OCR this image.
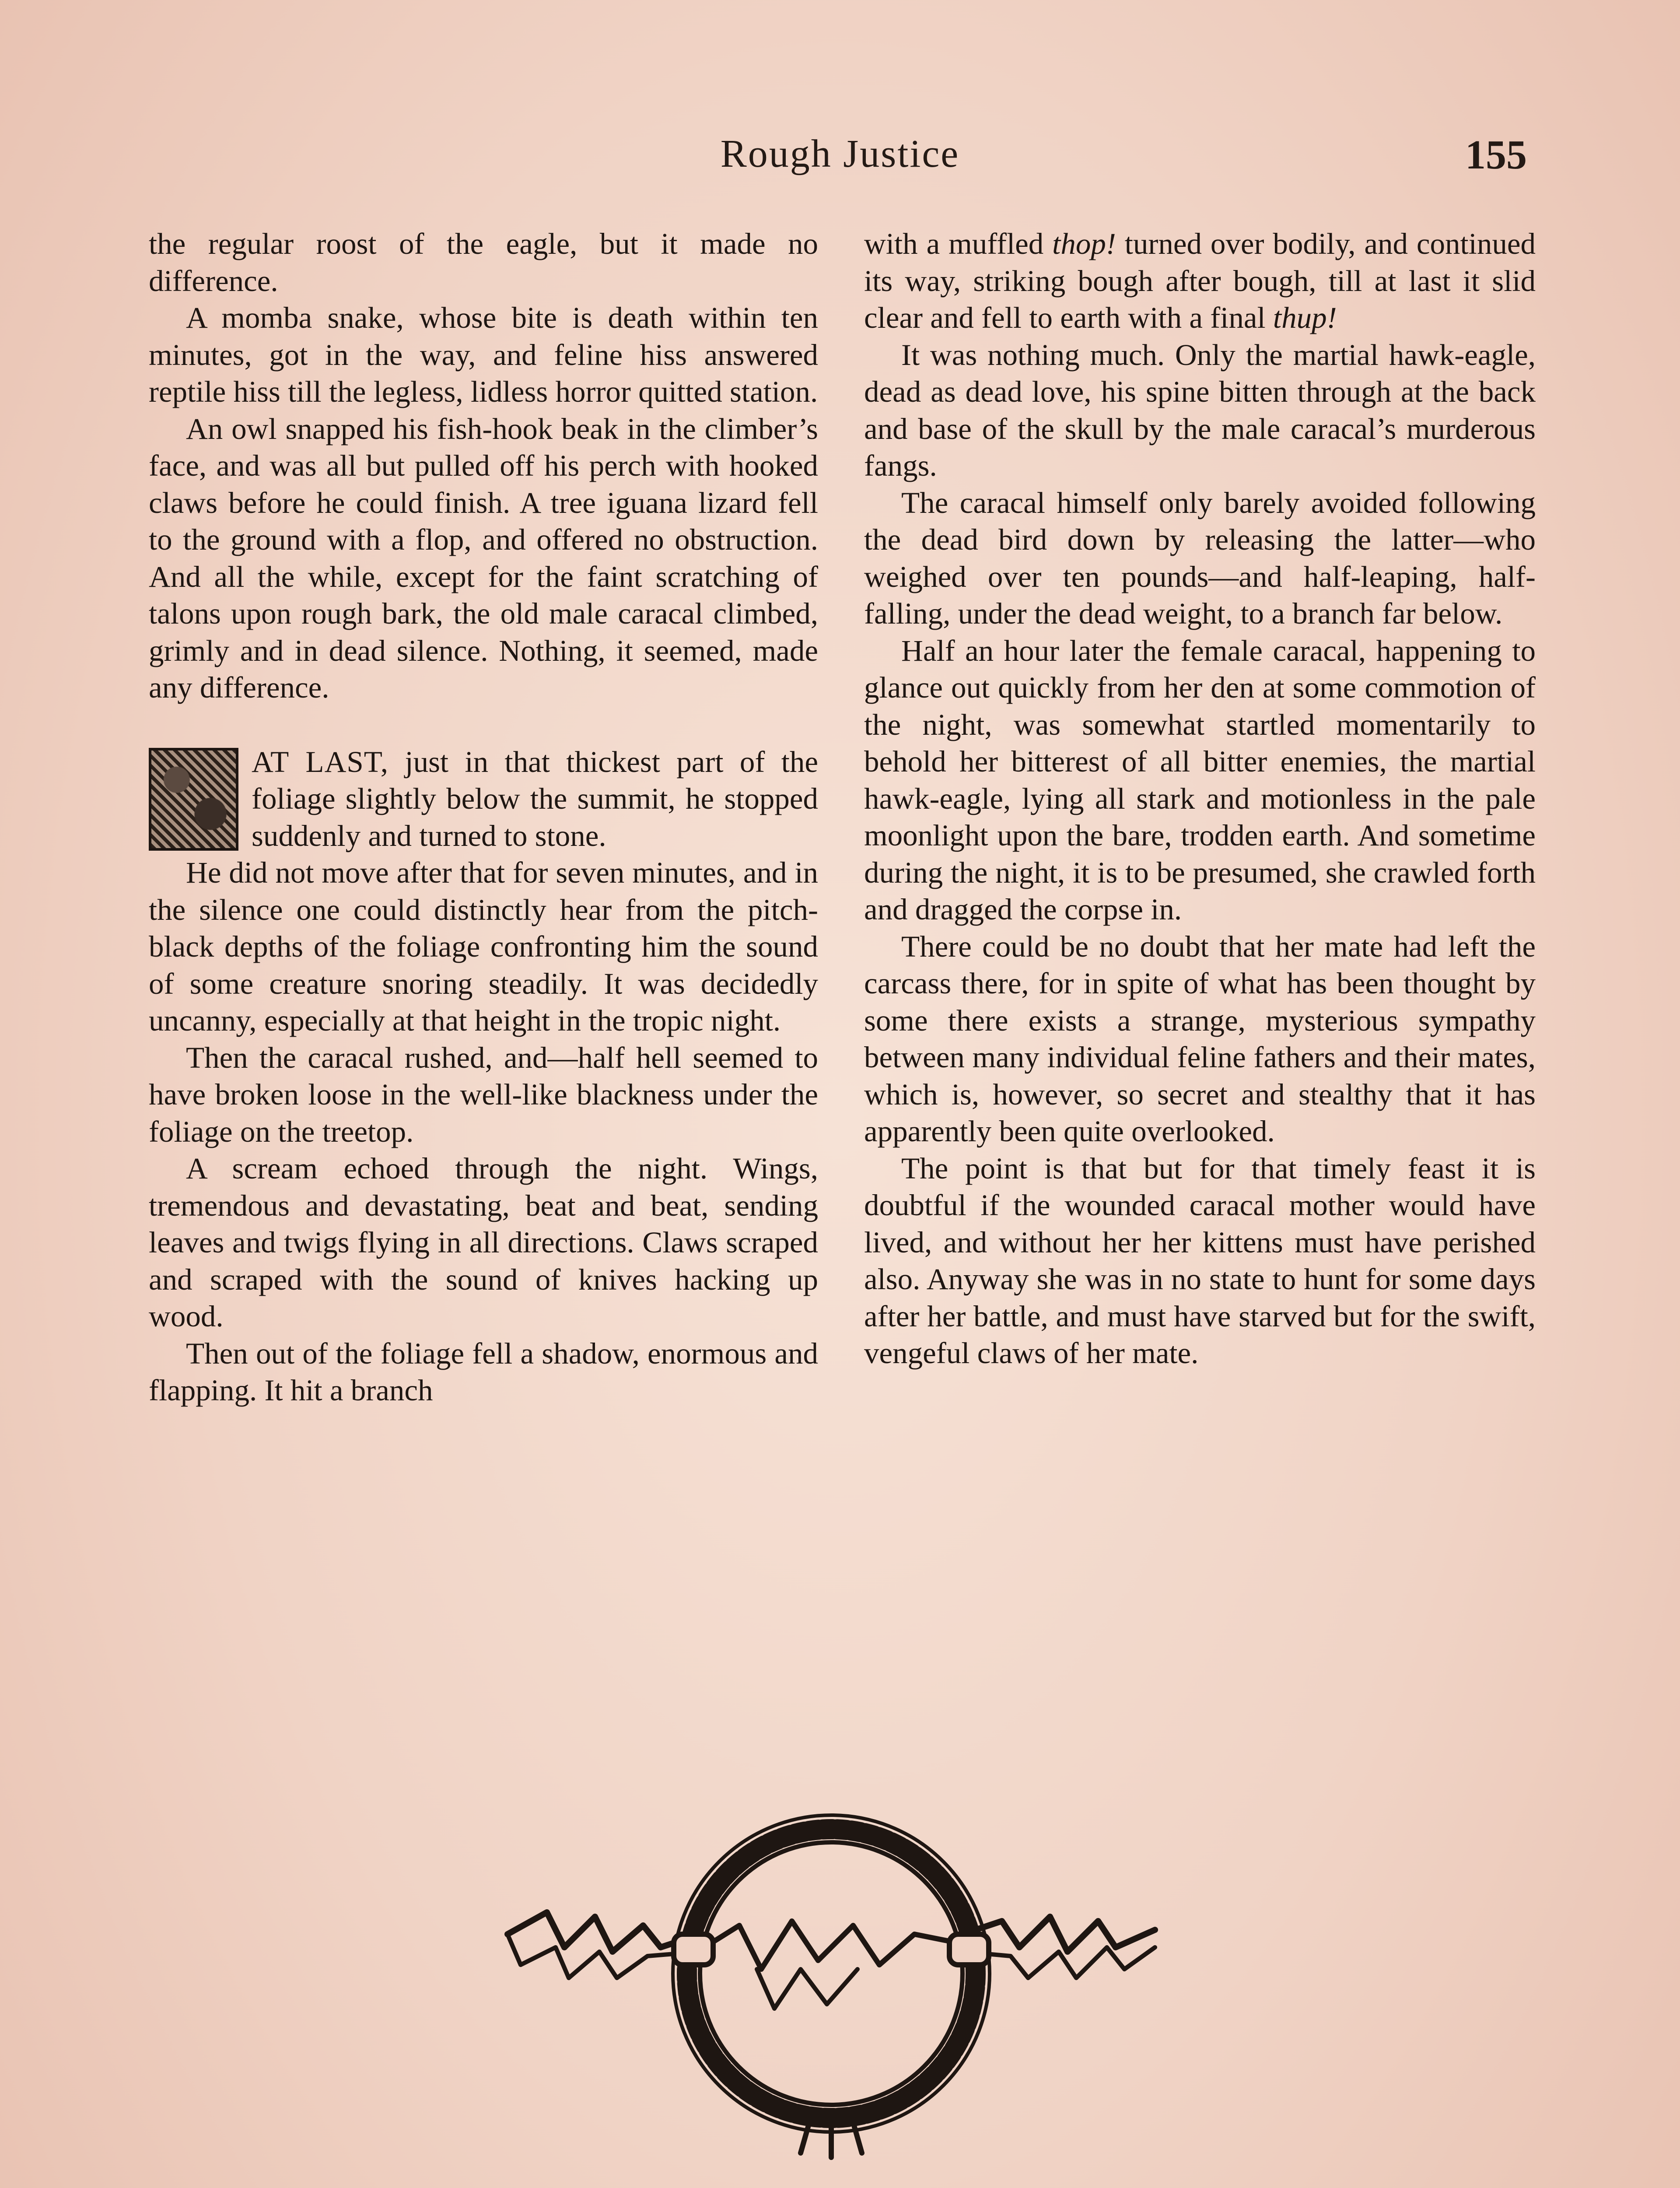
Rough Justice	155

the regular roost of the eagle, but it made no difference.

A momba snake, whose bite is death within ten minutes, got in the way, and feline hiss answered reptile hiss till the legless, lidless horror quitted station.

An owl snapped his fish-hook beak in the climber’s face, and was all but pulled off his perch with hooked claws before he could finish. A tree iguana lizard fell to the ground with a flop, and offered no obstruction. And all the while, except for the faint scratching of talons upon rough bark, the old male caracal climbed, grimly and in dead silence. Nothing, it seemed, made any difference.

AT LAST, just in that thickest part of the foliage slightly below the summit, he stopped suddenly and turned to stone.

He did not move after that for seven minutes, and in the silence one could distinctly hear from the pitch-black depths of the foliage confronting him the sound of some creature snoring steadily. It was decidedly uncanny, especially at that height in the tropic night.

Then the caracal rushed, and—half hell seemed to have broken loose in the well-like blackness under the foliage on the treetop.

A scream echoed through the night. Wings, tremendous and devastating, beat and beat, sending leaves and twigs flying in all directions. Claws scraped and scraped with the sound of knives hacking up wood.

Then out of the foliage fell a shadow, enormous and flapping. It hit a branch

with a muffled thop! turned over bodily, and continued its way, striking bough after bough, till at last it slid clear and fell to earth with a final thup!

It was nothing much. Only the martial hawk-eagle, dead as dead love, his spine bitten through at the back and base of the skull by the male caracal’s murderous fangs.

The caracal himself only barely avoided following the dead bird down by releasing the latter—who weighed over ten pounds—and half-leaping, half-falling, under the dead weight, to a branch far below.

Half an hour later the female caracal, happening to glance out quickly from her den at some commotion of the night, was somewhat startled momentarily to behold her bitterest of all bitter enemies, the martial hawk-eagle, lying all stark and motionless in the pale moonlight upon the bare, trodden earth. And sometime during the night, it is to be presumed, she crawled forth and dragged the corpse in.

There could be no doubt that her mate had left the carcass there, for in spite of what has been thought by some there exists a strange, mysterious sympathy between many individual feline fathers and their mates, which is, however, so secret and stealthy that it has apparently been quite overlooked.

The point is that but for that timely feast it is doubtful if the wounded caracal mother would have lived, and without her her kittens must have perished also. Anyway she was in no state to hunt for some days after her battle, and must have starved but for the swift, vengeful claws of her mate.
